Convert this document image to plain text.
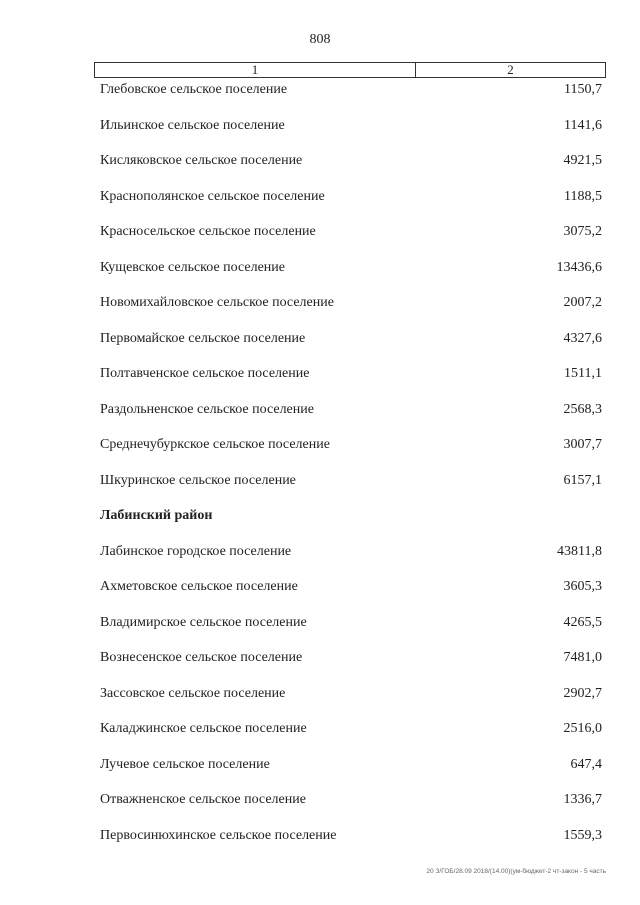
808
1	2
Глебовское сельское поселение	1150,7
Ильинское сельское поселение	1141,6
Кисляковское сельское поселение	4921,5
Краснополянское сельское поселение	1188,5
Красносельское сельское поселение	3075,2
Кущевское сельское поселение	13436,6
Новомихайловское сельское поселение	2007,2
Первомайское сельское поселение	4327,6
Полтавченское сельское поселение	1511,1
Раздольненское сельское поселение	2568,3
Среднечубуркское сельское поселение	3007,7
Шкуринское сельское поселение	6157,1
Лабинский район
Лабинское городское поселение	43811,8
Ахметовское сельское поселение	3605,3
Владимирское сельское поселение	4265,5
Вознесенское сельское поселение	7481,0
Зассовское сельское поселение	2902,7
Каладжинское сельское поселение	2516,0
Лучевое сельское поселение	647,4
Отважненское сельское поселение	1336,7
Первосинюхинское сельское поселение	1559,3
20 З/ГОБ/28.09 2018/(14.00)(ум-бюджет-2 чт-закон - 5 часть
